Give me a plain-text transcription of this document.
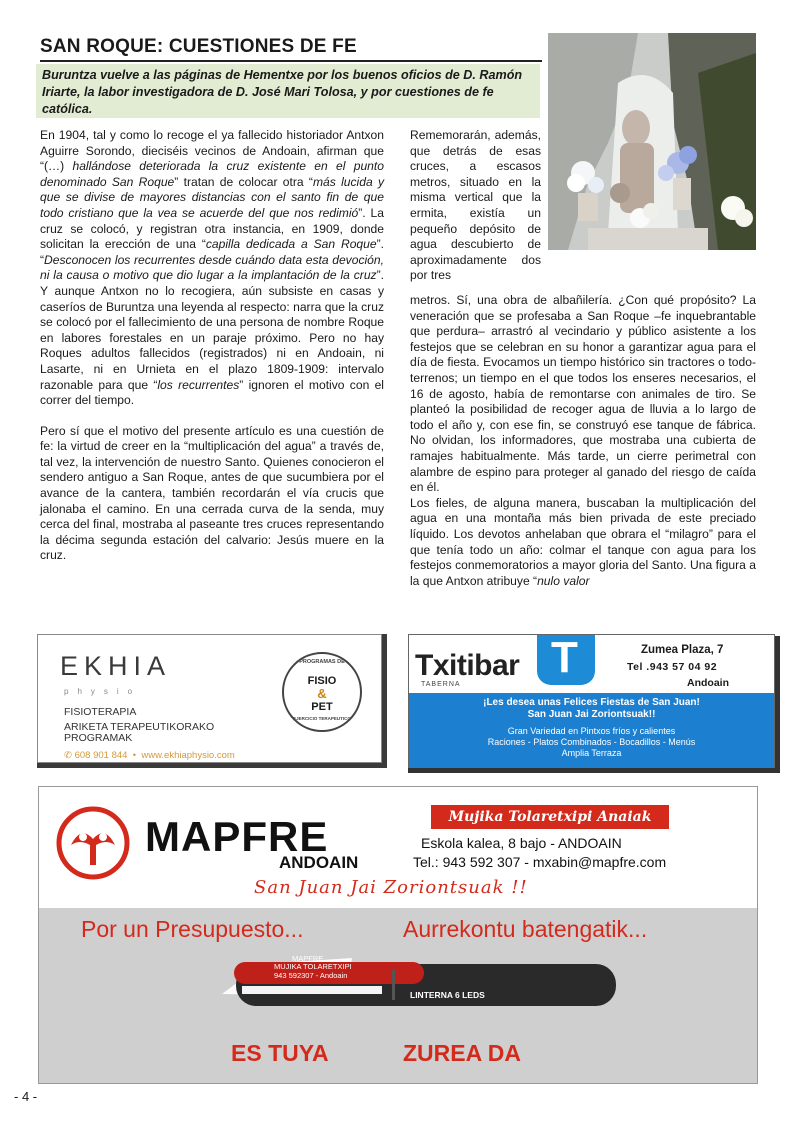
SAN ROQUE: CUESTIONES DE FE
Buruntza vuelve a las páginas de Hementxe por los buenos oficios de D. Ramón Iriarte, la labor investigadora de D. José Mari Tolosa, y por cuestiones de fe católica.

En 1904, tal y como lo recoge el ya fallecido historiador Antxon Aguirre Sorondo, dieciséis vecinos de Andoain, afirman que “(…) hallándose deteriorada la cruz existente en el punto denominado San Roque” tratan de colocar otra “más lucida y que se divise de mayores distancias con el santo fin de que todo cristiano que la vea se acuerde del que nos redimió”. La cruz se colocó, y registran otra instancia, en 1909, donde solicitan la erección de una “capilla dedicada a San Roque”. “Desconocen los recurrentes desde cuándo data esta devoción, ni la causa o motivo que dio lugar a la implantación de la cruz”. Y aunque Antxon no lo recogiera, aún subsiste en casas y caseríos de Buruntza una leyenda al respecto: narra que la cruz se colocó por el fallecimiento de una persona de nombre Roque en labores forestales en un paraje próximo. Pero no hay Roques adultos fallecidos (registrados) ni en Andoain, ni Lasarte, ni en Urnieta en el plazo 1809-1909: intervalo razonable para que “los recurrentes” ignoren el motivo con el correr del tiempo.

Pero sí que el motivo del presente artículo es una cuestión de fe: la virtud de creer en la “multiplicación del agua” a través de, tal vez, la intervención de nuestro Santo. Quienes conocieron el sendero antiguo a San Roque, antes de que sucumbiera por el avance de la cantera, también recordarán el vía crucis que jalonaba el camino. En una cerrada curva de la senda, muy cerca del final, mostraba al paseante tres cruces representando la décima segunda estación del calvario: Jesús muere en la cruz.

Rememorarán, además, que detrás de esas cruces, a escasos metros, situado en la misma vertical que la ermita, existía un pequeño depósito de agua descubierto de aproximadamente dos por tres

metros. Sí, una obra de albañilería. ¿Con qué propósito? La veneración que se profesaba a San Roque –fe inquebrantable que perdura– arrastró al vecindario y público asistente a los festejos que se celebran en su honor a garantizar agua para el día de fiesta. Evocamos un tiempo histórico sin tractores o todo-terrenos; un tiempo en el que todos los enseres necesarios, el 16 de agosto, había de remontarse con animales de tiro. Se planteó la posibilidad de recoger agua de lluvia a lo largo de todo el año y, con ese fin, se construyó ese tanque de fábrica. No olvidan, los informadores, que mostraba una cubierta de ramajes habitualmente. Más tarde, un cierre perimetral con alambre de espino para proteger al ganado del riesgo de caída en él.

Los fieles, de alguna manera, buscaban la multiplicación del agua en una montaña más bien privada de este preciado líquido. Los devotos anhelaban que obrara el “milagro” para el que tenía todo un año: colmar el tanque con agua para los festejos conmemoratorios a mayor gloria del Santo. Una figura a la que Antxon atribuye “nulo valor

EKHIA
physio
FISIOTERAPIA
ARIKETA TERAPEUTIKORAKO
PROGRAMAK
✆ 608 901 844  •  www.ekhiaphysio.com
PROGRAMAS DE
FISIO
&
PET
EJERCICIO TERAPEUTICO
Txitibar T
TABERNA
Zumea Plaza, 7
Tel .943 57 04 92
Andoain
¡Les desea unas Felices Fiestas de San Juan!
San Juan Jai Zoriontsuak!!
Gran Variedad en Pintxos fríos y calientes
Raciones - Platos Combinados - Bocadillos - Menús
Amplia Terraza
MAPFRE
ANDOAIN
Mujika Tolaretxipi Anaiak
Eskola kalea, 8 bajo - ANDOAIN
Tel.: 943 592 307 - mxabin@mapfre.com
San Juan Jai Zoriontsuak !!
Por un Presupuesto...	Aurrekontu batengatik...
MAPFRE
MUJIKA TOLARETXIPI
943 592307 - Andoain
LINTERNA 6 LEDS
ES TUYA	ZUREA DA
- 4 -
